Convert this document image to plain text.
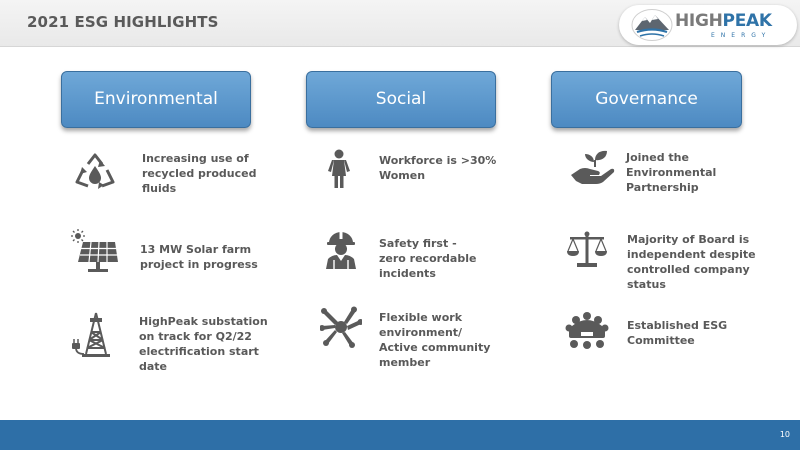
2021 ESG HIGHLIGHTS	HIGHPEAK
ENERGY
Environmental	Social	Governance
Increasing use of
recycled produced
fluids
13 MW Solar farm
project in progress
HighPeak substation
on track for Q2/22
electrification start
date
Workforce is >30%
Women
Safety first -
zero recordable
incidents
Flexible work
environment/
Active community
member
Joined the
Environmental
Partnership
Majority of Board is
independent despite
controlled company
status
Established ESG
Committee
10
